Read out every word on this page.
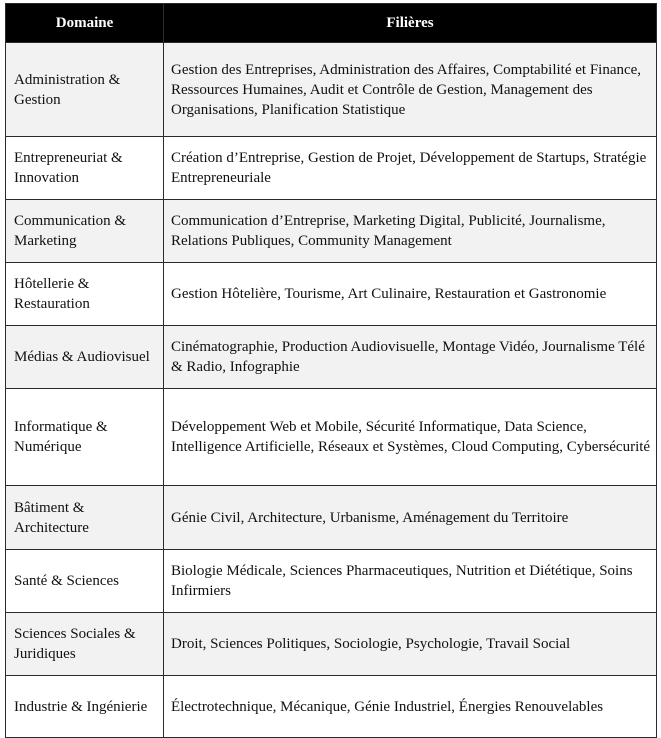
Domaine	Filières
Administration & Gestion	Gestion des Entreprises, Administration des Affaires, Comptabilité et Finance, Ressources Humaines, Audit et Contrôle de Gestion, Management des Organisations, Planification Statistique
Entrepreneuriat & Innovation	Création d’Entreprise, Gestion de Projet, Développement de Startups, Stratégie Entrepreneuriale
Communication & Marketing	Communication d’Entreprise, Marketing Digital, Publicité, Journalisme, Relations Publiques, Community Management
Hôtellerie & Restauration	Gestion Hôtelière, Tourisme, Art Culinaire, Restauration et Gastronomie
Médias & Audiovisuel	Cinématographie, Production Audiovisuelle, Montage Vidéo, Journalisme Télé & Radio, Infographie
Informatique & Numérique	Développement Web et Mobile, Sécurité Informatique, Data Science, Intelligence Artificielle, Réseaux et Systèmes, Cloud Computing, Cybersécurité
Bâtiment & Architecture	Génie Civil, Architecture, Urbanisme, Aménagement du Territoire
Santé & Sciences	Biologie Médicale, Sciences Pharmaceutiques, Nutrition et Diététique, Soins Infirmiers
Sciences Sociales & Juridiques	Droit, Sciences Politiques, Sociologie, Psychologie, Travail Social
Industrie & Ingénierie	Électrotechnique, Mécanique, Génie Industriel, Énergies Renouvelables
